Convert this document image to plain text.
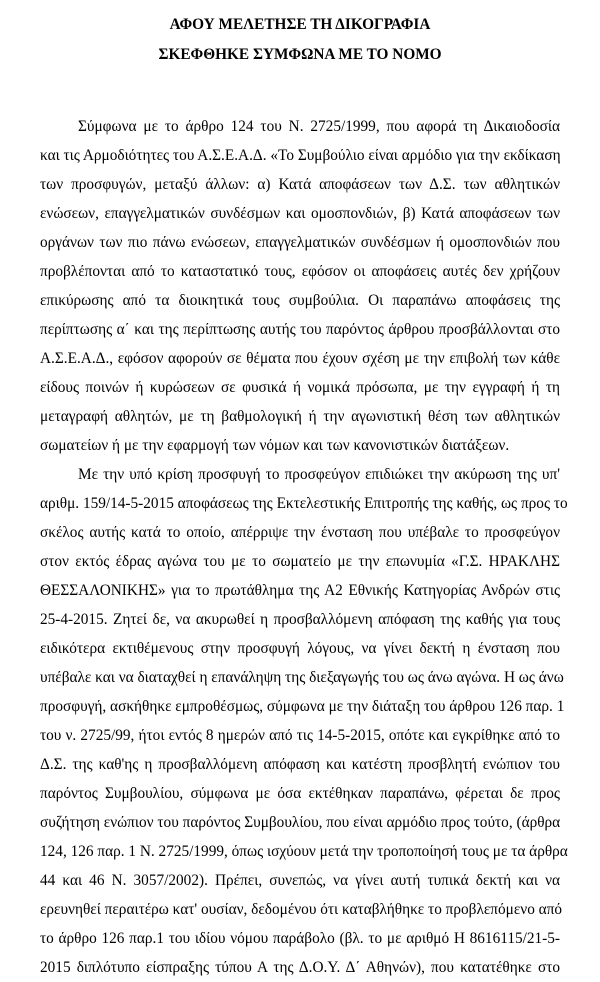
ΑΦΟΥ ΜΕΛΕΤΗΣΕ ΤΗ ΔΙΚΟΓΡΑΦΙΑ
ΣΚΕΦΘΗΚΕ ΣΥΜΦΩΝΑ ΜΕ ΤΟ ΝΟΜΟ

Σύμφωνα με το άρθρο 124 του Ν. 2725/1999, που αφορά τη Δικαιοδοσία
και τις Αρμοδιότητες του Α.Σ.Ε.Α.Δ. «Το Συμβούλιο είναι αρμόδιο για την εκδίκαση
των προσφυγών, μεταξύ άλλων: α) Κατά αποφάσεων των Δ.Σ. των αθλητικών
ενώσεων, επαγγελματικών συνδέσμων και ομοσπονδιών, β) Κατά αποφάσεων των
οργάνων των πιο πάνω ενώσεων, επαγγελματικών συνδέσμων ή ομοσπονδιών που
προβλέπονται από το καταστατικό τους, εφόσον οι αποφάσεις αυτές δεν χρήζουν
επικύρωσης από τα διοικητικά τους συμβούλια. Οι παραπάνω αποφάσεις της
περίπτωσης α΄ και της περίπτωσης αυτής του παρόντος άρθρου προσβάλλονται στο
Α.Σ.Ε.Α.Δ., εφόσον αφορούν σε θέματα που έχουν σχέση με την επιβολή των κάθε
είδους ποινών ή κυρώσεων σε φυσικά ή νομικά πρόσωπα, με την εγγραφή ή τη
μεταγραφή αθλητών, με τη βαθμολογική ή την αγωνιστική θέση των αθλητικών
σωματείων ή με την εφαρμογή των νόμων και των κανονιστικών διατάξεων.

Με την υπό κρίση προσφυγή το προσφεύγον επιδιώκει την ακύρωση της υπ'
αριθμ. 159/14-5-2015 αποφάσεως της Εκτελεστικής Επιτροπής της καθής, ως προς το
σκέλος αυτής κατά το οποίο, απέρριψε την ένσταση που υπέβαλε το προσφεύγον
στον εκτός έδρας αγώνα του με το σωματείο με την επωνυμία «Γ.Σ. ΗΡΑΚΛΗΣ
ΘΕΣΣΑΛΟΝΙΚΗΣ» για το πρωτάθλημα της Α2 Εθνικής Κατηγορίας Ανδρών στις
25-4-2015. Ζητεί δε, να ακυρωθεί η προσβαλλόμενη απόφαση της καθής για τους
ειδικότερα εκτιθέμενους στην προσφυγή λόγους, να γίνει δεκτή η ένσταση που
υπέβαλε και να διαταχθεί η επανάληψη της διεξαγωγής του ως άνω αγώνα. Η ως άνω
προσφυγή, ασκήθηκε εμπροθέσμως, σύμφωνα με την διάταξη του άρθρου 126 παρ. 1
του ν. 2725/99, ήτοι εντός 8 ημερών από τις 14-5-2015, οπότε και εγκρίθηκε από το
Δ.Σ. της καθ'ης η προσβαλλόμενη απόφαση και κατέστη προσβλητή ενώπιον του
παρόντος Συμβουλίου, σύμφωνα με όσα εκτέθηκαν παραπάνω, φέρεται δε προς
συζήτηση ενώπιον του παρόντος Συμβουλίου, που είναι αρμόδιο προς τούτο, (άρθρα
124, 126 παρ. 1 Ν. 2725/1999, όπως ισχύουν μετά την τροποποίησή τους με τα άρθρα
44 και 46 Ν. 3057/2002). Πρέπει, συνεπώς, να γίνει αυτή τυπικά δεκτή και να
ερευνηθεί περαιτέρω κατ' ουσίαν, δεδομένου ότι καταβλήθηκε το προβλεπόμενο από
το άρθρο 126 παρ.1 του ιδίου νόμου παράβολο (βλ. το με αριθμό Η 8616115/21-5-
2015 διπλότυπο είσπραξης τύπου Α της Δ.Ο.Υ. Δ΄ Αθηνών), που κατατέθηκε στο
